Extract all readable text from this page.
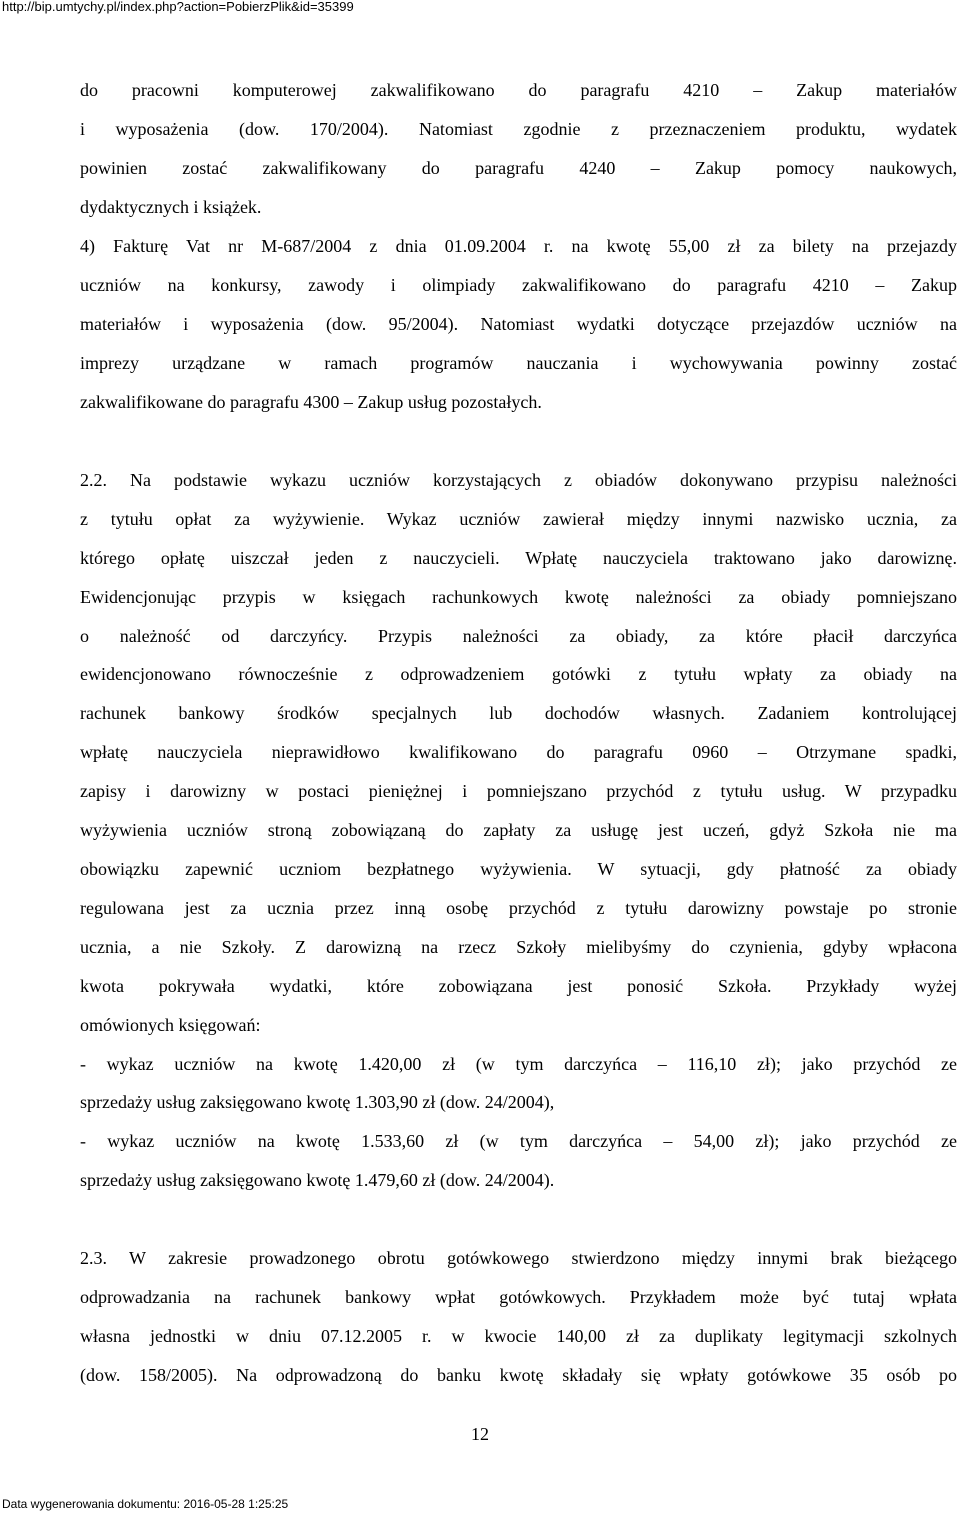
http://bip.umtychy.pl/index.php?action=PobierzPlik&id=35399
do pracowni komputerowej zakwalifikowano do paragrafu 4210 – Zakup materiałów
i wyposażenia (dow. 170/2004). Natomiast zgodnie z przeznaczeniem produktu, wydatek
powinien zostać zakwalifikowany do paragrafu 4240 – Zakup pomocy naukowych,
dydaktycznych i książek.
4) Fakturę Vat nr M-687/2004 z dnia 01.09.2004 r. na kwotę 55,00 zł za bilety na przejazdy
uczniów na konkursy, zawody i olimpiady zakwalifikowano do paragrafu 4210 – Zakup
materiałów i wyposażenia (dow. 95/2004). Natomiast wydatki dotyczące przejazdów uczniów na
imprezy urządzane w ramach programów nauczania i wychowywania powinny zostać
zakwalifikowane do paragrafu 4300 – Zakup usług pozostałych.
2.2. Na podstawie wykazu uczniów korzystających z obiadów dokonywano przypisu należności
z tytułu opłat za wyżywienie. Wykaz uczniów zawierał między innymi nazwisko ucznia, za
którego opłatę uiszczał jeden z nauczycieli. Wpłatę nauczyciela traktowano jako darowiznę.
Ewidencjonując przypis w księgach rachunkowych kwotę należności za obiady pomniejszano
o należność od darczyńcy. Przypis należności za obiady, za które płacił darczyńca
ewidencjonowano równocześnie z odprowadzeniem gotówki z tytułu wpłaty za obiady na
rachunek bankowy środków specjalnych lub dochodów własnych. Zadaniem kontrolującej
wpłatę nauczyciela nieprawidłowo kwalifikowano do paragrafu 0960 – Otrzymane spadki,
zapisy i darowizny w postaci pieniężnej i pomniejszano przychód z tytułu usług. W przypadku
wyżywienia uczniów stroną zobowiązaną do zapłaty za usługę jest uczeń, gdyż Szkoła nie ma
obowiązku zapewnić uczniom bezpłatnego wyżywienia. W sytuacji, gdy płatność za obiady
regulowana jest za ucznia przez inną osobę przychód z tytułu darowizny powstaje po stronie
ucznia, a nie Szkoły. Z darowizną na rzecz Szkoły mielibyśmy do czynienia, gdyby wpłacona
kwota pokrywała wydatki, które zobowiązana jest ponosić Szkoła. Przykłady wyżej
omówionych księgowań:
- wykaz uczniów na kwotę 1.420,00 zł (w tym darczyńca – 116,10 zł); jako przychód ze
sprzedaży usług zaksięgowano kwotę 1.303,90 zł (dow. 24/2004),
- wykaz uczniów na kwotę 1.533,60 zł (w tym darczyńca – 54,00 zł); jako przychód ze
sprzedaży usług zaksięgowano kwotę 1.479,60 zł (dow. 24/2004).
2.3. W zakresie prowadzonego obrotu gotówkowego stwierdzono między innymi brak bieżącego
odprowadzania na rachunek bankowy wpłat gotówkowych. Przykładem może być tutaj wpłata
własna jednostki w dniu 07.12.2005 r. w kwocie 140,00 zł za duplikaty legitymacji szkolnych
(dow. 158/2005). Na odprowadzoną do banku kwotę składały się wpłaty gotówkowe 35 osób po
12
Data wygenerowania dokumentu: 2016-05-28 1:25:25
